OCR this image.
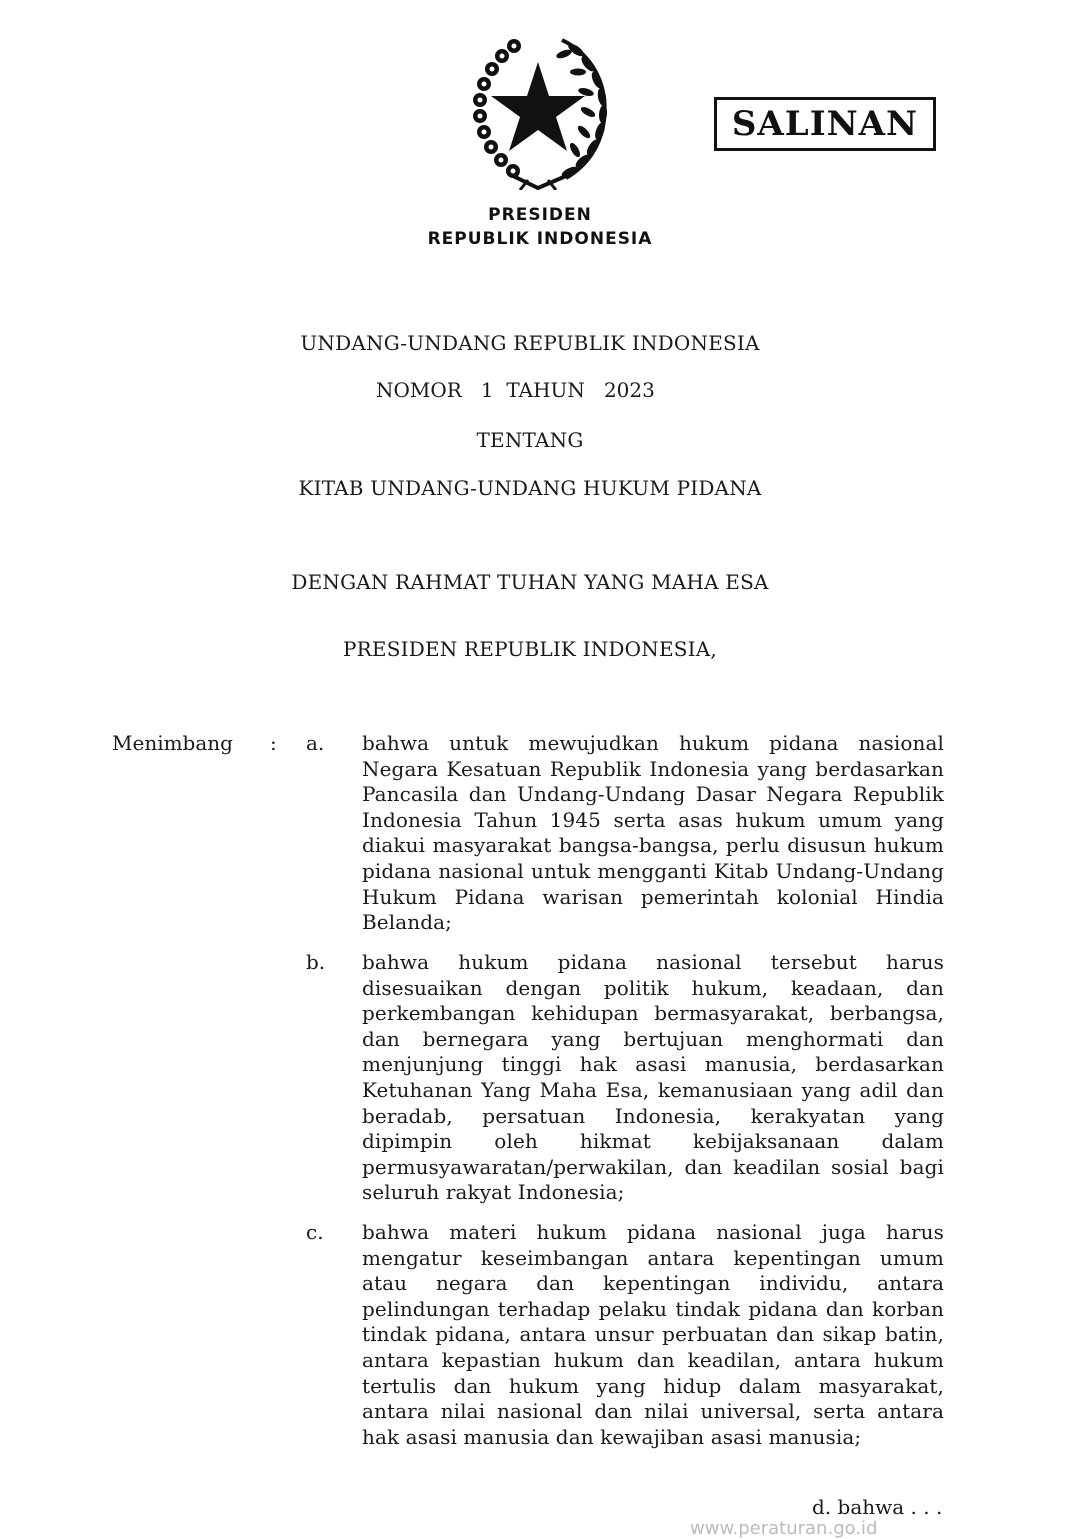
SALINAN
PRESIDEN
REPUBLIK INDONESIA
UNDANG-UNDANG REPUBLIK INDONESIA
NOMOR 1 TAHUN 2023
TENTANG
KITAB UNDANG-UNDANG HUKUM PIDANA
DENGAN RAHMAT TUHAN YANG MAHA ESA
PRESIDEN REPUBLIK INDONESIA,
Menimbang : a. bahwa untuk mewujudkan hukum pidana nasional Negara Kesatuan Republik Indonesia yang berdasarkan Pancasila dan Undang-Undang Dasar Negara Republik Indonesia Tahun 1945 serta asas hukum umum yang diakui masyarakat bangsa-bangsa, perlu disusun hukum pidana nasional untuk mengganti Kitab Undang-Undang Hukum Pidana warisan pemerintah kolonial Hindia Belanda;
b. bahwa hukum pidana nasional tersebut harus disesuaikan dengan politik hukum, keadaan, dan perkembangan kehidupan bermasyarakat, berbangsa, dan bernegara yang bertujuan menghormati dan menjunjung tinggi hak asasi manusia, berdasarkan Ketuhanan Yang Maha Esa, kemanusiaan yang adil dan beradab, persatuan Indonesia, kerakyatan yang dipimpin oleh hikmat kebijaksanaan dalam permusyawaratan/perwakilan, dan keadilan sosial bagi seluruh rakyat Indonesia;
c. bahwa materi hukum pidana nasional juga harus mengatur keseimbangan antara kepentingan umum atau negara dan kepentingan individu, antara pelindungan terhadap pelaku tindak pidana dan korban tindak pidana, antara unsur perbuatan dan sikap batin, antara kepastian hukum dan keadilan, antara hukum tertulis dan hukum yang hidup dalam masyarakat, antara nilai nasional dan nilai universal, serta antara hak asasi manusia dan kewajiban asasi manusia;
d. bahwa . . .
www.peraturan.go.id
